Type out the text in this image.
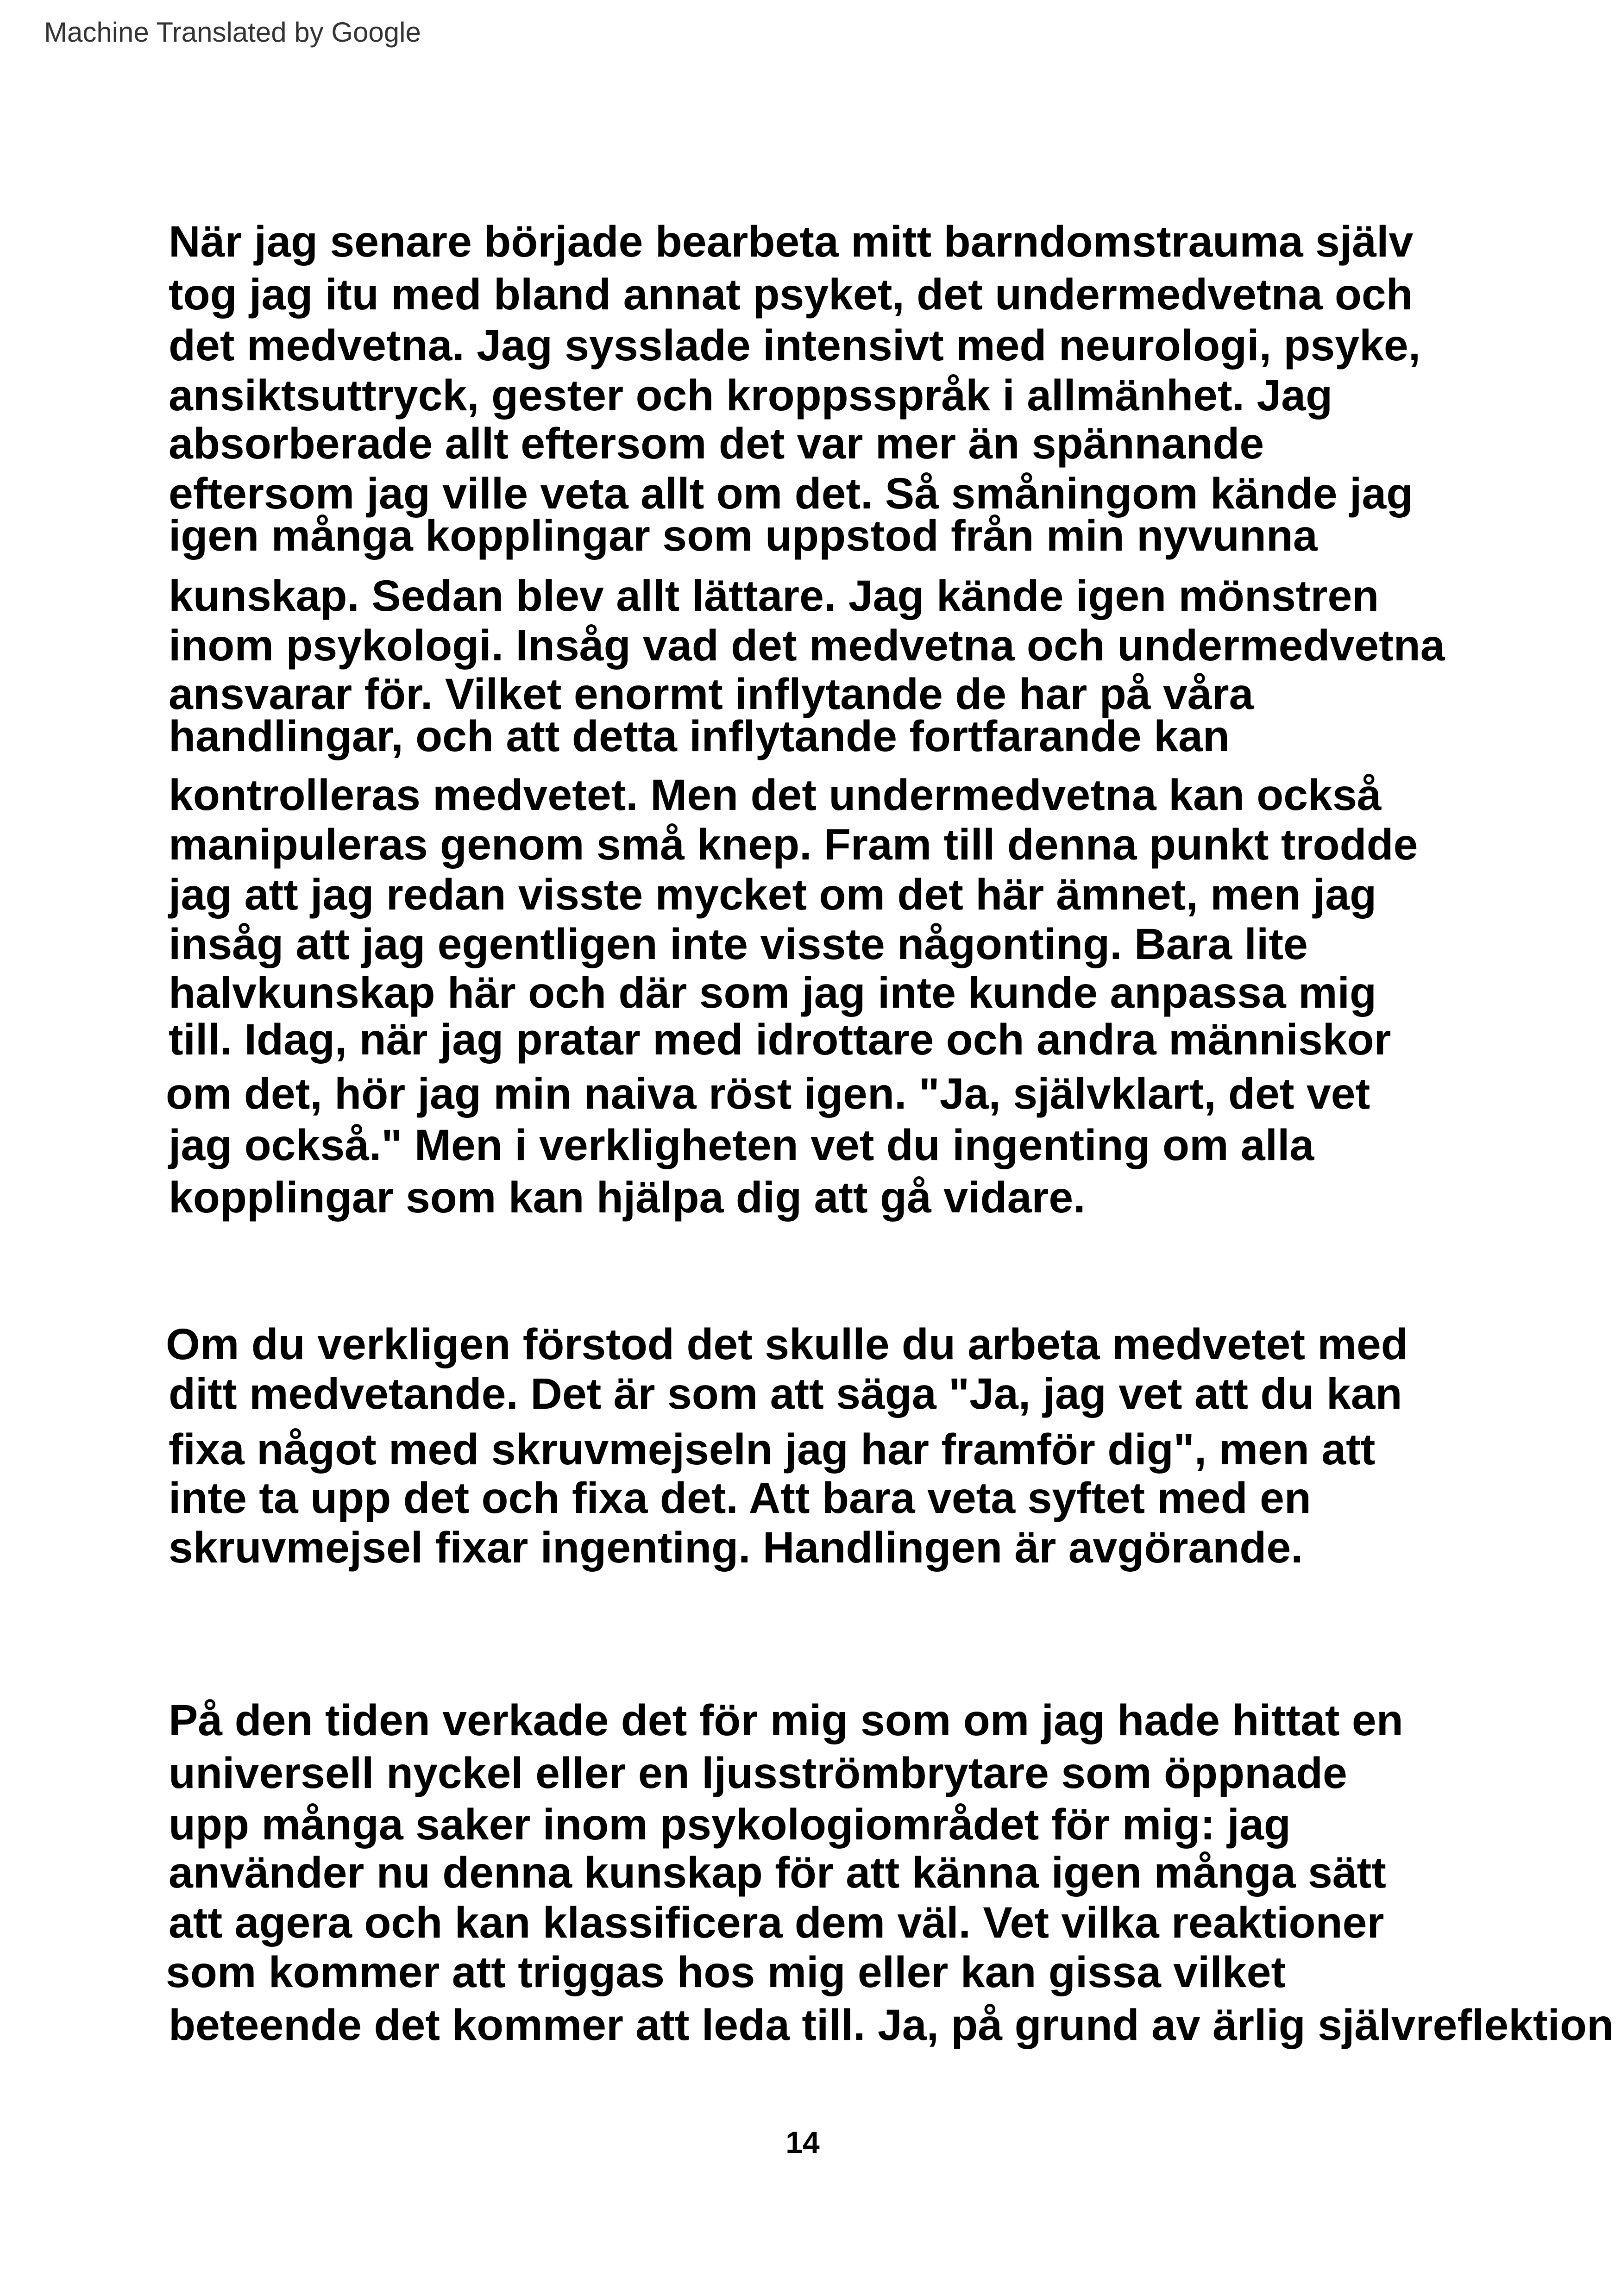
Machine Translated by Google
När jag senare började bearbeta mitt barndomstrauma själv
tog jag itu med bland annat psyket, det undermedvetna och
det medvetna. Jag sysslade intensivt med neurologi, psyke,
ansiktsuttryck, gester och kroppsspråk i allmänhet. Jag
absorberade allt eftersom det var mer än spännande
eftersom jag ville veta allt om det. Så småningom kände jag
igen många kopplingar som uppstod från min nyvunna
kunskap. Sedan blev allt lättare. Jag kände igen mönstren
inom psykologi. Insåg vad det medvetna och undermedvetna
ansvarar för. Vilket enormt inflytande de har på våra
handlingar, och att detta inflytande fortfarande kan
kontrolleras medvetet. Men det undermedvetna kan också
manipuleras genom små knep. Fram till denna punkt trodde
jag att jag redan visste mycket om det här ämnet, men jag
insåg att jag egentligen inte visste någonting. Bara lite
halvkunskap här och där som jag inte kunde anpassa mig
till. Idag, när jag pratar med idrottare och andra människor
om det, hör jag min naiva röst igen. "Ja, självklart, det vet
jag också." Men i verkligheten vet du ingenting om alla
kopplingar som kan hjälpa dig att gå vidare.
Om du verkligen förstod det skulle du arbeta medvetet med
ditt medvetande. Det är som att säga "Ja, jag vet att du kan
fixa något med skruvmejseln jag har framför dig", men att
inte ta upp det och fixa det. Att bara veta syftet med en
skruvmejsel fixar ingenting. Handlingen är avgörande.
På den tiden verkade det för mig som om jag hade hittat en
universell nyckel eller en ljusströmbrytare som öppnade
upp många saker inom psykologiområdet för mig: jag
använder nu denna kunskap för att känna igen många sätt
att agera och kan klassificera dem väl. Vet vilka reaktioner
som kommer att triggas hos mig eller kan gissa vilket
beteende det kommer att leda till. Ja, på grund av ärlig självreflektion
14
